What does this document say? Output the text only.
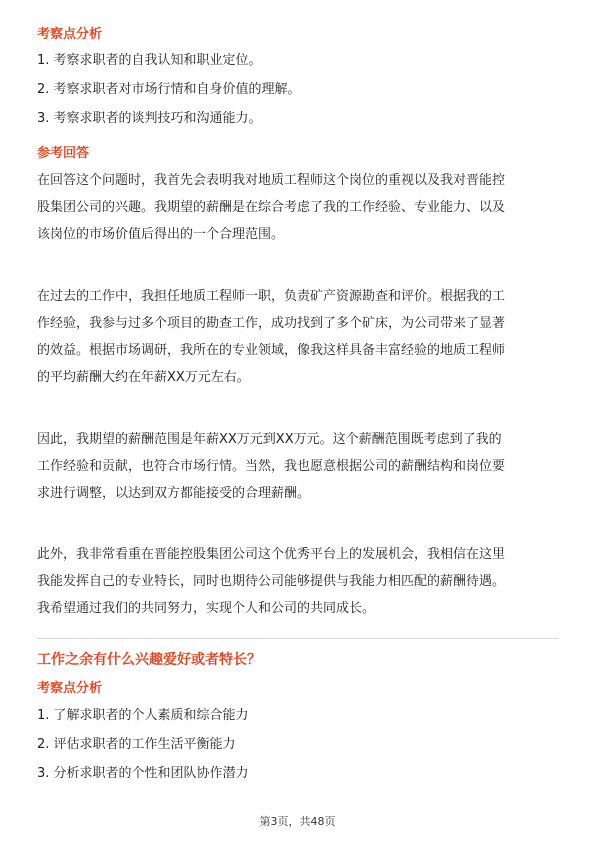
考察点分析
1. 考察求职者的自我认知和职业定位。
2. 考察求职者对市场行情和自身价值的理解。
3. 考察求职者的谈判技巧和沟通能力。
参考回答
在回答这个问题时，我首先会表明我对地质工程师这个岗位的重视以及我对晋能控
股集团公司的兴趣。我期望的薪酬是在综合考虑了我的工作经验、专业能力、以及
该岗位的市场价值后得出的一个合理范围。
在过去的工作中，我担任地质工程师一职，负责矿产资源勘查和评价。根据我的工
作经验，我参与过多个项目的勘查工作，成功找到了多个矿床，为公司带来了显著
的效益。根据市场调研，我所在的专业领域，像我这样具备丰富经验的地质工程师
的平均薪酬大约在年薪XX万元左右。
因此，我期望的薪酬范围是年薪XX万元到XX万元。这个薪酬范围既考虑到了我的
工作经验和贡献，也符合市场行情。当然，我也愿意根据公司的薪酬结构和岗位要
求进行调整，以达到双方都能接受的合理薪酬。
此外，我非常看重在晋能控股集团公司这个优秀平台上的发展机会，我相信在这里
我能发挥自己的专业特长，同时也期待公司能够提供与我能力相匹配的薪酬待遇。
我希望通过我们的共同努力，实现个人和公司的共同成长。
工作之余有什么兴趣爱好或者特长？
考察点分析
1. 了解求职者的个人素质和综合能力
2. 评估求职者的工作生活平衡能力
3. 分析求职者的个性和团队协作潜力
第3页，共48页
